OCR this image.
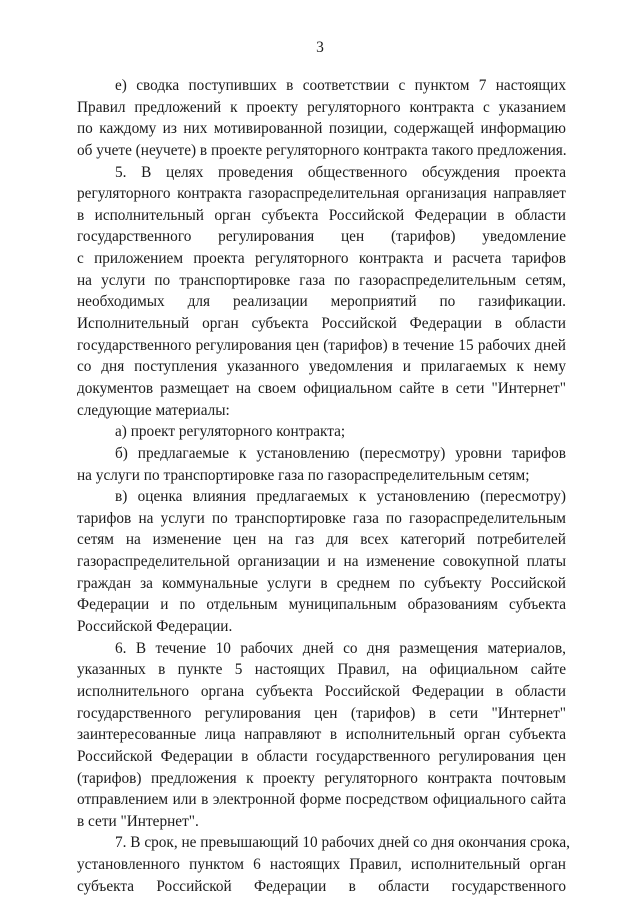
3
е) сводка поступивших в соответствии с пунктом 7 настоящих
Правил предложений к проекту регуляторного контракта с указанием
по каждому из них мотивированной позиции, содержащей информацию
об учете (неучете) в проекте регуляторного контракта такого предложения.
5. В целях проведения общественного обсуждения проекта
регуляторного контракта газораспределительная организация направляет
в исполнительный орган субъекта Российской Федерации в области
государственного регулирования цен (тарифов) уведомление
с приложением проекта регуляторного контракта и расчета тарифов
на услуги по транспортировке газа по газораспределительным сетям,
необходимых для реализации мероприятий по газификации.
Исполнительный орган субъекта Российской Федерации в области
государственного регулирования цен (тарифов) в течение 15 рабочих дней
со дня поступления указанного уведомления и прилагаемых к нему
документов размещает на своем официальном сайте в сети "Интернет"
следующие материалы:
а) проект регуляторного контракта;
б) предлагаемые к установлению (пересмотру) уровни тарифов
на услуги по транспортировке газа по газораспределительным сетям;
в) оценка влияния предлагаемых к установлению (пересмотру)
тарифов на услуги по транспортировке газа по газораспределительным
сетям на изменение цен на газ для всех категорий потребителей
газораспределительной организации и на изменение совокупной платы
граждан за коммунальные услуги в среднем по субъекту Российской
Федерации и по отдельным муниципальным образованиям субъекта
Российской Федерации.
6. В течение 10 рабочих дней со дня размещения материалов,
указанных в пункте 5 настоящих Правил, на официальном сайте
исполнительного органа субъекта Российской Федерации в области
государственного регулирования цен (тарифов) в сети "Интернет"
заинтересованные лица направляют в исполнительный орган субъекта
Российской Федерации в области государственного регулирования цен
(тарифов) предложения к проекту регуляторного контракта почтовым
отправлением или в электронной форме посредством официального сайта
в сети "Интернет".
7. В срок, не превышающий 10 рабочих дней со дня окончания срока,
установленного пунктом 6 настоящих Правил, исполнительный орган
субъекта Российской Федерации в области государственного
